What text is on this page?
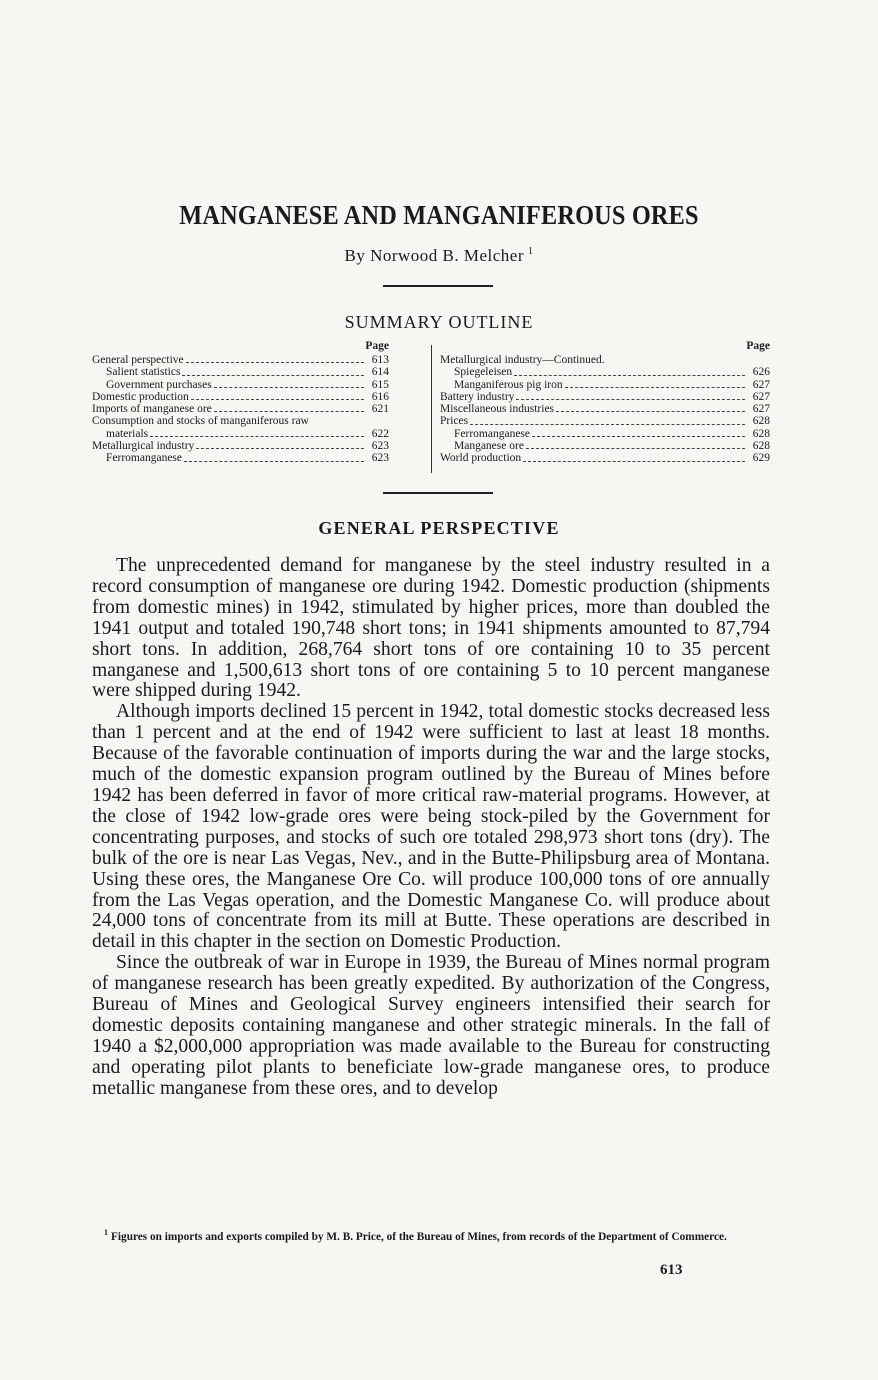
MANGANESE AND MANGANIFEROUS ORES
By Norwood B. Melcher $^1$
SUMMARY OUTLINE
Page
General perspective	613
Salient statistics	614
Government purchases	615
Domestic production	616
Imports of manganese ore	621
Consumption and stocks of manganiferous raw
materials	622
Metallurgical industry	623
Ferromanganese	623
Page
Metallurgical industry—Continued.
Spiegeleisen	626
Manganiferous pig iron	627
Battery industry	627
Miscellaneous industries	627
Prices	628
Ferromanganese	628
Manganese ore	628
World production	629
GENERAL PERSPECTIVE

The unprecedented demand for manganese by the steel industry resulted in a record consumption of manganese ore during 1942. Domestic production (shipments from domestic mines) in 1942, stimulated by higher prices, more than doubled the 1941 output and totaled 190,748 short tons; in 1941 shipments amounted to 87,794 short tons. In addition, 268,764 short tons of ore containing 10 to 35 percent manganese and 1,500,613 short tons of ore containing 5 to 10 percent manganese were shipped during 1942.

Although imports declined 15 percent in 1942, total domestic stocks decreased less than 1 percent and at the end of 1942 were sufficient to last at least 18 months. Because of the favorable continuation of imports during the war and the large stocks, much of the domestic expansion program outlined by the Bureau of Mines before 1942 has been deferred in favor of more critical raw-material programs. However, at the close of 1942 low-grade ores were being stock-piled by the Government for concentrating purposes, and stocks of such ore totaled 298,973 short tons (dry). The bulk of the ore is near Las Vegas, Nev., and in the Butte-Philipsburg area of Montana. Using these ores, the Manganese Ore Co. will produce 100,000 tons of ore annually from the Las Vegas operation, and the Domestic Manganese Co. will produce about 24,000 tons of concentrate from its mill at Butte. These operations are described in detail in this chapter in the section on Domestic Production.

Since the outbreak of war in Europe in 1939, the Bureau of Mines normal program of manganese research has been greatly expedited. By authorization of the Congress, Bureau of Mines and Geological Survey engineers intensified their search for domestic deposits containing manganese and other strategic minerals. In the fall of 1940 a $2,000,000 appropriation was made available to the Bureau for constructing and operating pilot plants to beneficiate low-grade manganese ores, to produce metallic manganese from these ores, and to develop

$^1$ Figures on imports and exports compiled by M. B. Price, of the Bureau of Mines, from records of the Department of Commerce.
613
